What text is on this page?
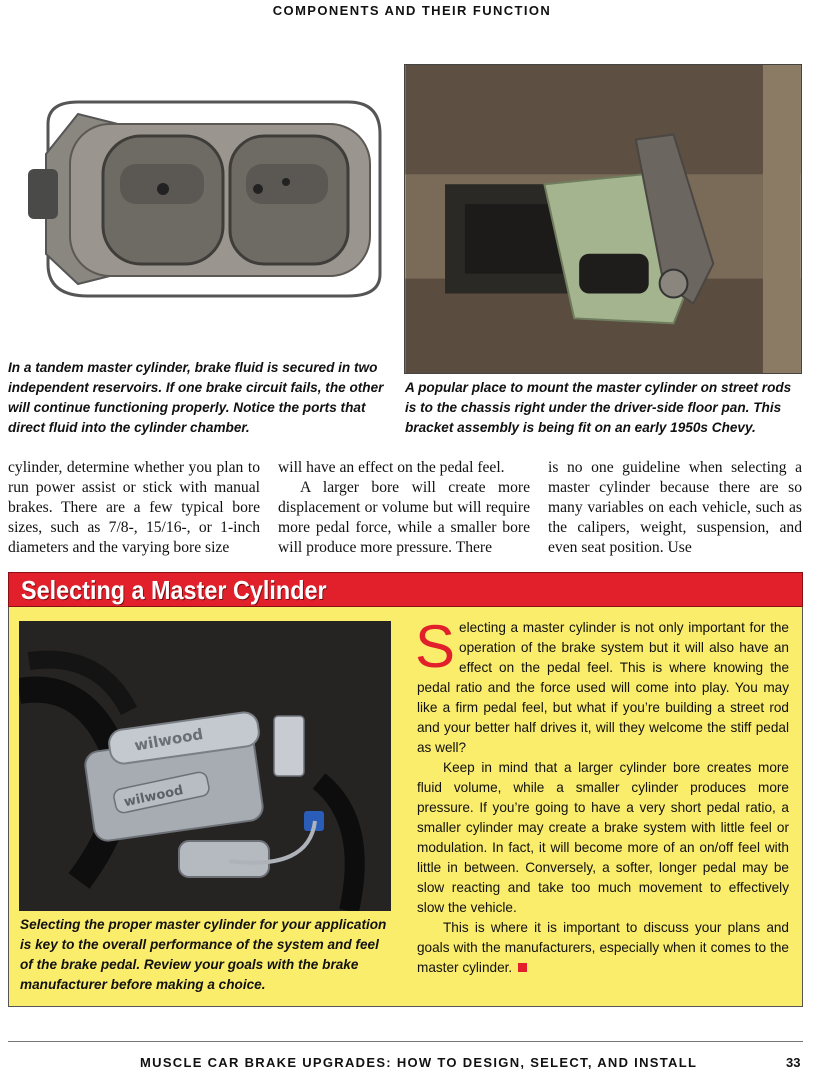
COMPONENTS AND THEIR FUNCTION

In a tandem master cylinder, brake fluid is secured in two independent reservoirs. If one brake circuit fails, the other will continue functioning properly. Notice the ports that direct fluid into the cylinder chamber.

A popular place to mount the master cylinder on street rods is to the chassis right under the driver-side floor pan. This bracket assembly is being fit on an early 1950s Chevy.

cylinder, determine whether you plan to run power assist or stick with manual brakes. There are a few typical bore sizes, such as 7/8-, 15/16-, or 1-inch diameters and the varying bore size

will have an effect on the pedal feel.

A larger bore will create more displacement or volume but will require more pedal force, while a smaller bore will produce more pressure. There

is no one guideline when selecting a master cylinder because there are so many variables on each vehicle, such as the calipers, weight, suspension, and even seat position. Use

Selecting a Master Cylinder
wilwood
wilwood

Selecting the proper master cylinder for your application is key to the overall performance of the system and feel of the brake pedal. Review your goals with the brake manufacturer before making a choice.

S electing a master cylinder is not only important for the operation of the brake system but it will also have an effect on the pedal feel. This is where knowing the pedal ratio and the force used will come into play. You may like a firm pedal feel, but what if you’re building a street rod and your better half drives it, will they welcome the stiff pedal as well?

Keep in mind that a larger cylinder bore creates more fluid volume, while a smaller cylinder produces more pressure. If you’re going to have a very short pedal ratio, a smaller cylinder may create a brake system with little feel or modulation. In fact, it will become more of an on/off feel with little in between. Conversely, a softer, longer pedal may be slow reacting and take too much movement to effectively slow the vehicle.

This is where it is important to discuss your plans and goals with the manufacturers, especially when it comes to the master cylinder.

MUSCLE CAR BRAKE UPGRADES: HOW TO DESIGN, SELECT, AND INSTALL	33
